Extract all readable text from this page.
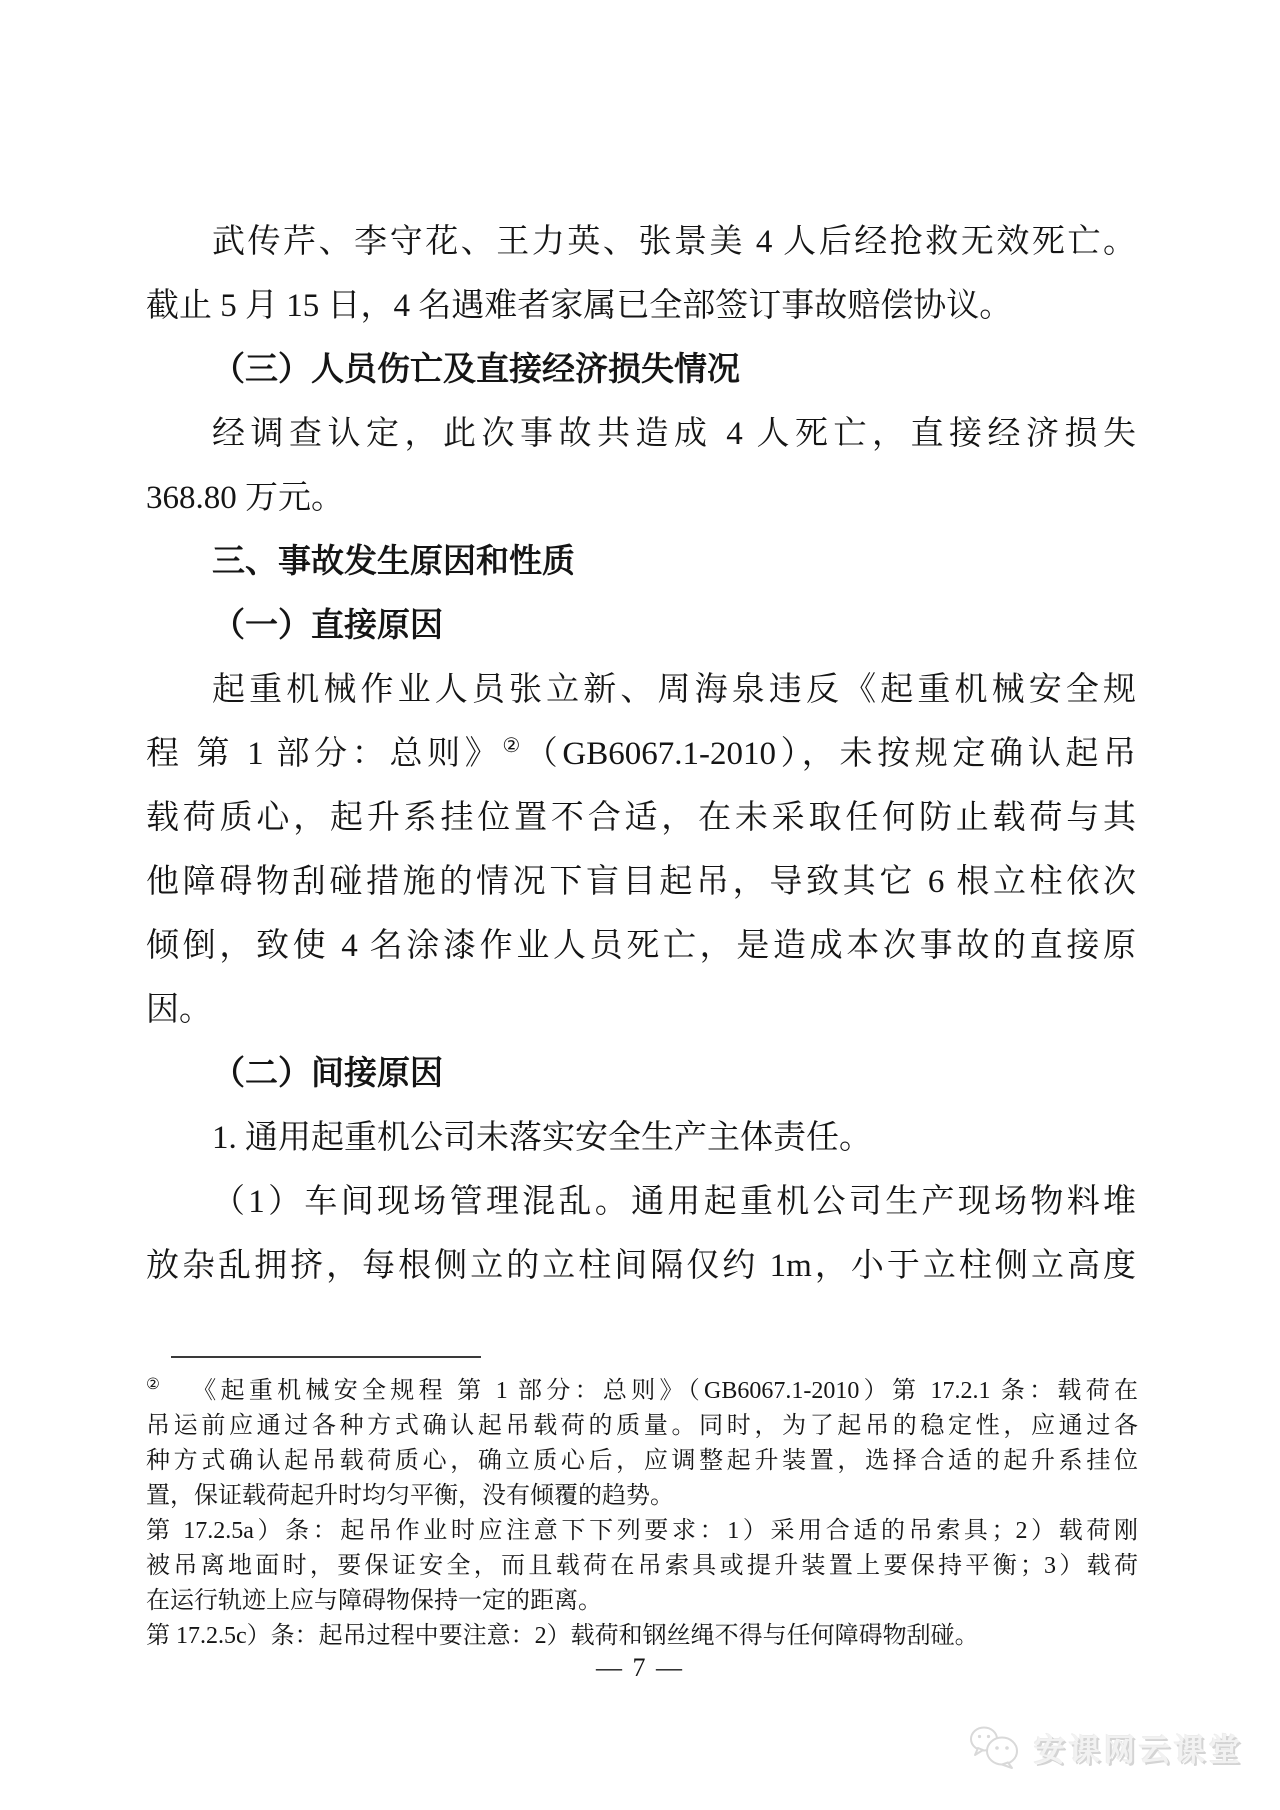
武传芹、李守花、王力英、张景美 4 人后经抢救无效死亡。
截止 5 月 15 日，4 名遇难者家属已全部签订事故赔偿协议。
（三）人员伤亡及直接经济损失情况
经调查认定，此次事故共造成 4 人死亡，直接经济损失
368.80 万元。
三、事故发生原因和性质
（一）直接原因
起重机械作业人员张立新、周海泉违反《起重机械安全规
程 第 1 部分：总则》②（GB6067.1-2010），未按规定确认起吊
载荷质心，起升系挂位置不合适，在未采取任何防止载荷与其
他障碍物刮碰措施的情况下盲目起吊，导致其它 6 根立柱依次
倾倒，致使 4 名涂漆作业人员死亡，是造成本次事故的直接原
因。
（二）间接原因
1. 通用起重机公司未落实安全生产主体责任。
（1）车间现场管理混乱。通用起重机公司生产现场物料堆
放杂乱拥挤，每根侧立的立柱间隔仅约 1m，小于立柱侧立高度
② 《起重机械安全规程 第 1 部分：总则》（GB6067.1-2010）第 17.2.1 条：载荷在
吊运前应通过各种方式确认起吊载荷的质量。同时，为了起吊的稳定性，应通过各
种方式确认起吊载荷质心，确立质心后，应调整起升装置，选择合适的起升系挂位
置，保证载荷起升时均匀平衡，没有倾覆的趋势。
第 17.2.5a）条：起吊作业时应注意下下列要求：1）采用合适的吊索具；2）载荷刚
被吊离地面时，要保证安全，而且载荷在吊索具或提升装置上要保持平衡；3）载荷
在运行轨迹上应与障碍物保持一定的距离。
第 17.2.5c）条：起吊过程中要注意：2）载荷和钢丝绳不得与任何障碍物刮碰。
— 7 —
安课网云课堂
